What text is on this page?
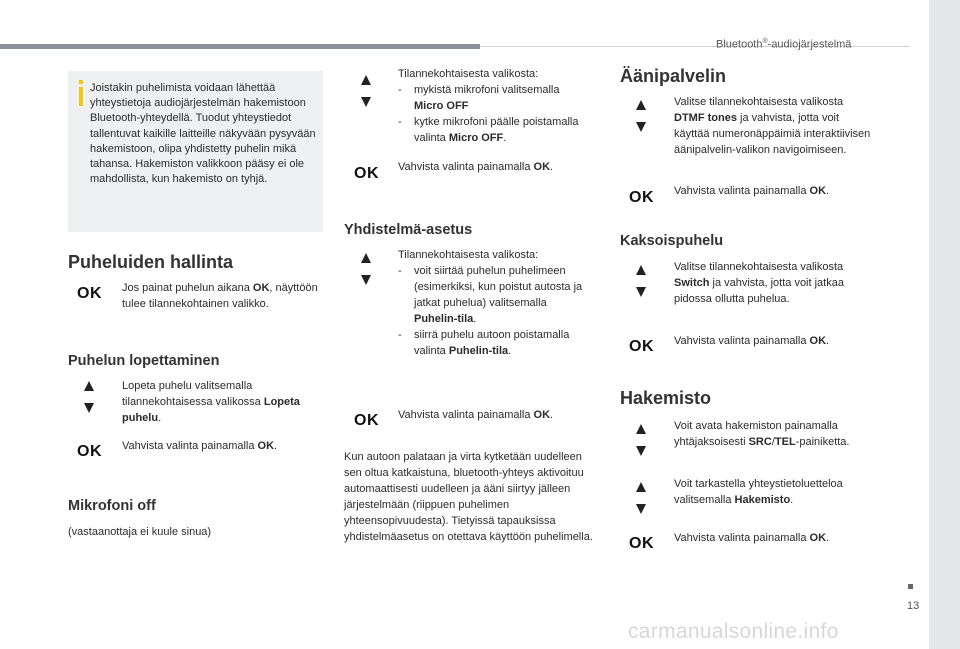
Bluetooth®-audiojärjestelmä
13
carmanualsonline.info
Joistakin puhelimista voidaan lähettää yhteystietoja audiojärjestelmän hakemistoon Bluetooth-yhteydellä. Tuodut yhteystiedot tallentuvat kaikille laitteille näkyvään pysyvään hakemistoon, olipa yhdistetty puhelin mikä tahansa. Hakemiston valikkoon pääsy ei ole mahdollista, kun hakemisto on tyhjä.
Puheluiden hallinta
OK Jos painat puhelun aikana OK, näyttöön tulee tilannekohtainen valikko.
Puhelun lopettaminen
Lopeta puhelu valitsemalla tilannekohtaisessa valikossa Lopeta puhelu.
OK Vahvista valinta painamalla OK.
Mikrofoni off
(vastaanottaja ei kuule sinua)
Tilannekohtaisesta valikosta:
- mykistä mikrofoni valitsemalla Micro OFF
- kytke mikrofoni päälle poistamalla valinta Micro OFF.
OK Vahvista valinta painamalla OK.
Yhdistelmä-asetus
Tilannekohtaisesta valikosta:
- voit siirtää puhelun puhelimeen (esimerkiksi, kun poistut autosta ja jatkat puhelua) valitsemalla Puhelin-tila.
- siirrä puhelu autoon poistamalla valinta Puhelin-tila.
OK Vahvista valinta painamalla OK.
Kun autoon palataan ja virta kytketään uudelleen sen oltua katkaistuna, bluetooth-yhteys aktivoituu automaattisesti uudelleen ja ääni siirtyy jälleen järjestelmään (riippuen puhelimen yhteensopivuudesta). Tietyissä tapauksissa yhdistelmäasetus on otettava käyttöön puhelimella.
Äänipalvelin
Valitse tilannekohtaisesta valikosta DTMF tones ja vahvista, jotta voit käyttää numeronäppäimiä interaktiivisen äänipalvelin-valikon navigoimiseen.
OK Vahvista valinta painamalla OK.
Kaksoispuhelu
Valitse tilannekohtaisesta valikosta Switch ja vahvista, jotta voit jatkaa pidossa ollutta puhelua.
OK Vahvista valinta painamalla OK.
Hakemisto
Voit avata hakemiston painamalla yhtäjaksoisesti SRC/TEL-painiketta.
Voit tarkastella yhteystietoluetteloa valitsemalla Hakemisto.
OK Vahvista valinta painamalla OK.
